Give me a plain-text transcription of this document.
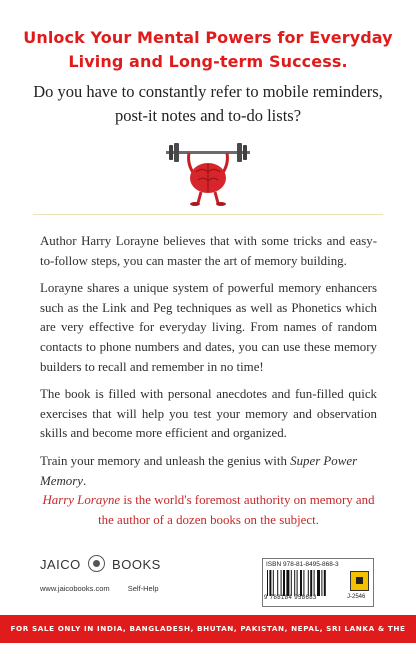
Unlock Your Mental Powers for Everyday
Living and Long-term Success.
Do you have to constantly refer to mobile reminders,
post-it notes and to-do lists?

Author Harry Lorayne believes that with some tricks and easy-to-follow steps, you can master the art of memory building.

Lorayne shares a unique system of powerful memory enhancers such as the Link and Peg techniques as well as Phonetics which are very effective for everyday living. From names of random contacts to phone numbers and dates, you can use these memory builders to recall and remember in no time!

The book is filled with personal anecdotes and fun-filled quick exercises that will help you test your memory and observation skills and become more efficient and organized.

Train your memory and unleash the genius with Super Power Memory.

Harry Lorayne is the world's foremost authority on memory and
the author of a dozen books on the subject.
JAICO BOOKS
www.jaicobooks.com Self-Help
ISBN 978-81-8495-868-3
9 788184 958683	J-2546
FOR SALE ONLY IN INDIA, BANGLADESH, BHUTAN, PAKISTAN, NEPAL, SRI LANKA & THE MALDIVES
